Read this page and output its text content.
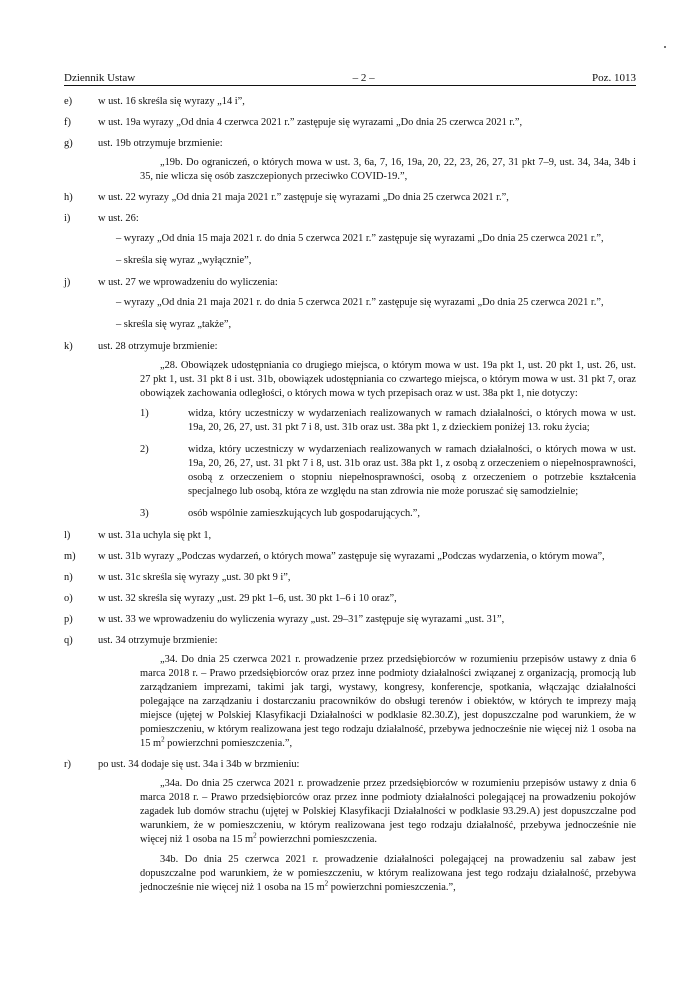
Dziennik Ustaw	– 2 –	Poz. 1013
e) w ust. 16 skreśla się wyrazy „14 i”,
f)	w ust. 19a wyrazy „Od dnia 4 czerwca 2021 r.” zastępuje się wyrazami „Do dnia 25 czerwca 2021 r.”,
g) ust. 19b otrzymuje brzmienie:

„19b. Do ograniczeń, o których mowa w ust. 3, 6a, 7, 16, 19a, 20, 22, 23, 26, 27, 31 pkt 7–9, ust. 34, 34a, 34b i 35, nie wlicza się osób zaszczepionych przeciwko COVID-19.”,

h) w ust. 22 wyrazy „Od dnia 21 maja 2021 r.” zastępuje się wyrazami „Do dnia 25 czerwca 2021 r.”,
i)	w ust. 26:
– wyrazy „Od dnia 15 maja 2021 r. do dnia 5 czerwca 2021 r.” zastępuje się wyrazami „Do dnia 25 czerwca 2021 r.”,
– skreśla się wyraz „wyłącznie”,
j)	w ust. 27 we wprowadzeniu do wyliczenia:
– wyrazy „Od dnia 21 maja 2021 r. do dnia 5 czerwca 2021 r.” zastępuje się wyrazami „Do dnia 25 czerwca 2021 r.”,
– skreśla się wyraz „także”,
k) ust. 28 otrzymuje brzmienie:

„28. Obowiązek udostępniania co drugiego miejsca, o którym mowa w ust. 19a pkt 1, ust. 20 pkt 1, ust. 26, ust. 27 pkt 1, ust. 31 pkt 8 i ust. 31b, obowiązek udostępniania co czwartego miejsca, o którym mowa w ust. 31 pkt 7, oraz obowiązek zachowania odległości, o których mowa w tych przepisach oraz w ust. 38a pkt 1, nie dotyczy:

1)	widza, który uczestniczy w wydarzeniach realizowanych w ramach działalności, o których mowa w ust. 19a, 20, 26, 27, ust. 31 pkt 7 i 8, ust. 31b oraz ust. 38a pkt 1, z dzieckiem poniżej 13. roku życia;
2)	widza, który uczestniczy w wydarzeniach realizowanych w ramach działalności, o których mowa w ust. 19a, 20, 26, 27, ust. 31 pkt 7 i 8, ust. 31b oraz ust. 38a pkt 1, z osobą z orzeczeniem o niepełnosprawności, osobą z orzeczeniem o stopniu niepełnosprawności, osobą z orzeczeniem o potrzebie kształcenia specjalnego lub osobą, która ze względu na stan zdrowia nie może poruszać się samodzielnie;
3)	osób wspólnie zamieszkujących lub gospodarujących.”,
l)	w ust. 31a uchyla się pkt 1,
m) w ust. 31b wyrazy „Podczas wydarzeń, o których mowa” zastępuje się wyrazami „Podczas wydarzenia, o którym mowa”,
n) w ust. 31c skreśla się wyrazy „ust. 30 pkt 9 i”,
o) w ust. 32 skreśla się wyrazy „ust. 29 pkt 1–6, ust. 30 pkt 1–6 i 10 oraz”,
p) w ust. 33 we wprowadzeniu do wyliczenia wyrazy „ust. 29–31” zastępuje się wyrazami „ust. 31”,
q) ust. 34 otrzymuje brzmienie:

„34. Do dnia 25 czerwca 2021 r. prowadzenie przez przedsiębiorców w rozumieniu przepisów ustawy z dnia 6 marca 2018 r. – Prawo przedsiębiorców oraz przez inne podmioty działalności związanej z organizacją, promocją lub zarządzaniem imprezami, takimi jak targi, wystawy, kongresy, konferencje, spotkania, włączając działalności polegające na zarządzaniu i dostarczaniu pracowników do obsługi terenów i obiektów, w których te imprezy mają miejsce (ujętej w Polskiej Klasyfikacji Działalności w podklasie 82.30.Z), jest dopuszczalne pod warunkiem, że w pomieszczeniu, w którym realizowana jest tego rodzaju działalność, przebywa jednocześnie nie więcej niż 1 osoba na 15 $m^2$ powierzchni pomieszczenia.”,

r)	po ust. 34 dodaje się ust. 34a i 34b w brzmieniu:

„34a. Do dnia 25 czerwca 2021 r. prowadzenie przez przedsiębiorców w rozumieniu przepisów ustawy z dnia 6 marca 2018 r. – Prawo przedsiębiorców oraz przez inne podmioty działalności polegającej na prowadzeniu pokojów zagadek lub domów strachu (ujętej w Polskiej Klasyfikacji Działalności w podklasie 93.29.A) jest dopuszczalne pod warunkiem, że w pomieszczeniu, w którym realizowana jest tego rodzaju działalność, przebywa jednocześnie nie więcej niż 1 osoba na 15 $m^2$ powierzchni pomieszczenia.

34b. Do dnia 25 czerwca 2021 r. prowadzenie działalności polegającej na prowadzeniu sal zabaw jest dopuszczalne pod warunkiem, że w pomieszczeniu, w którym realizowana jest tego rodzaju działalność, przebywa jednocześnie nie więcej niż 1 osoba na 15 $m^2$ powierzchni pomieszczenia.”,
